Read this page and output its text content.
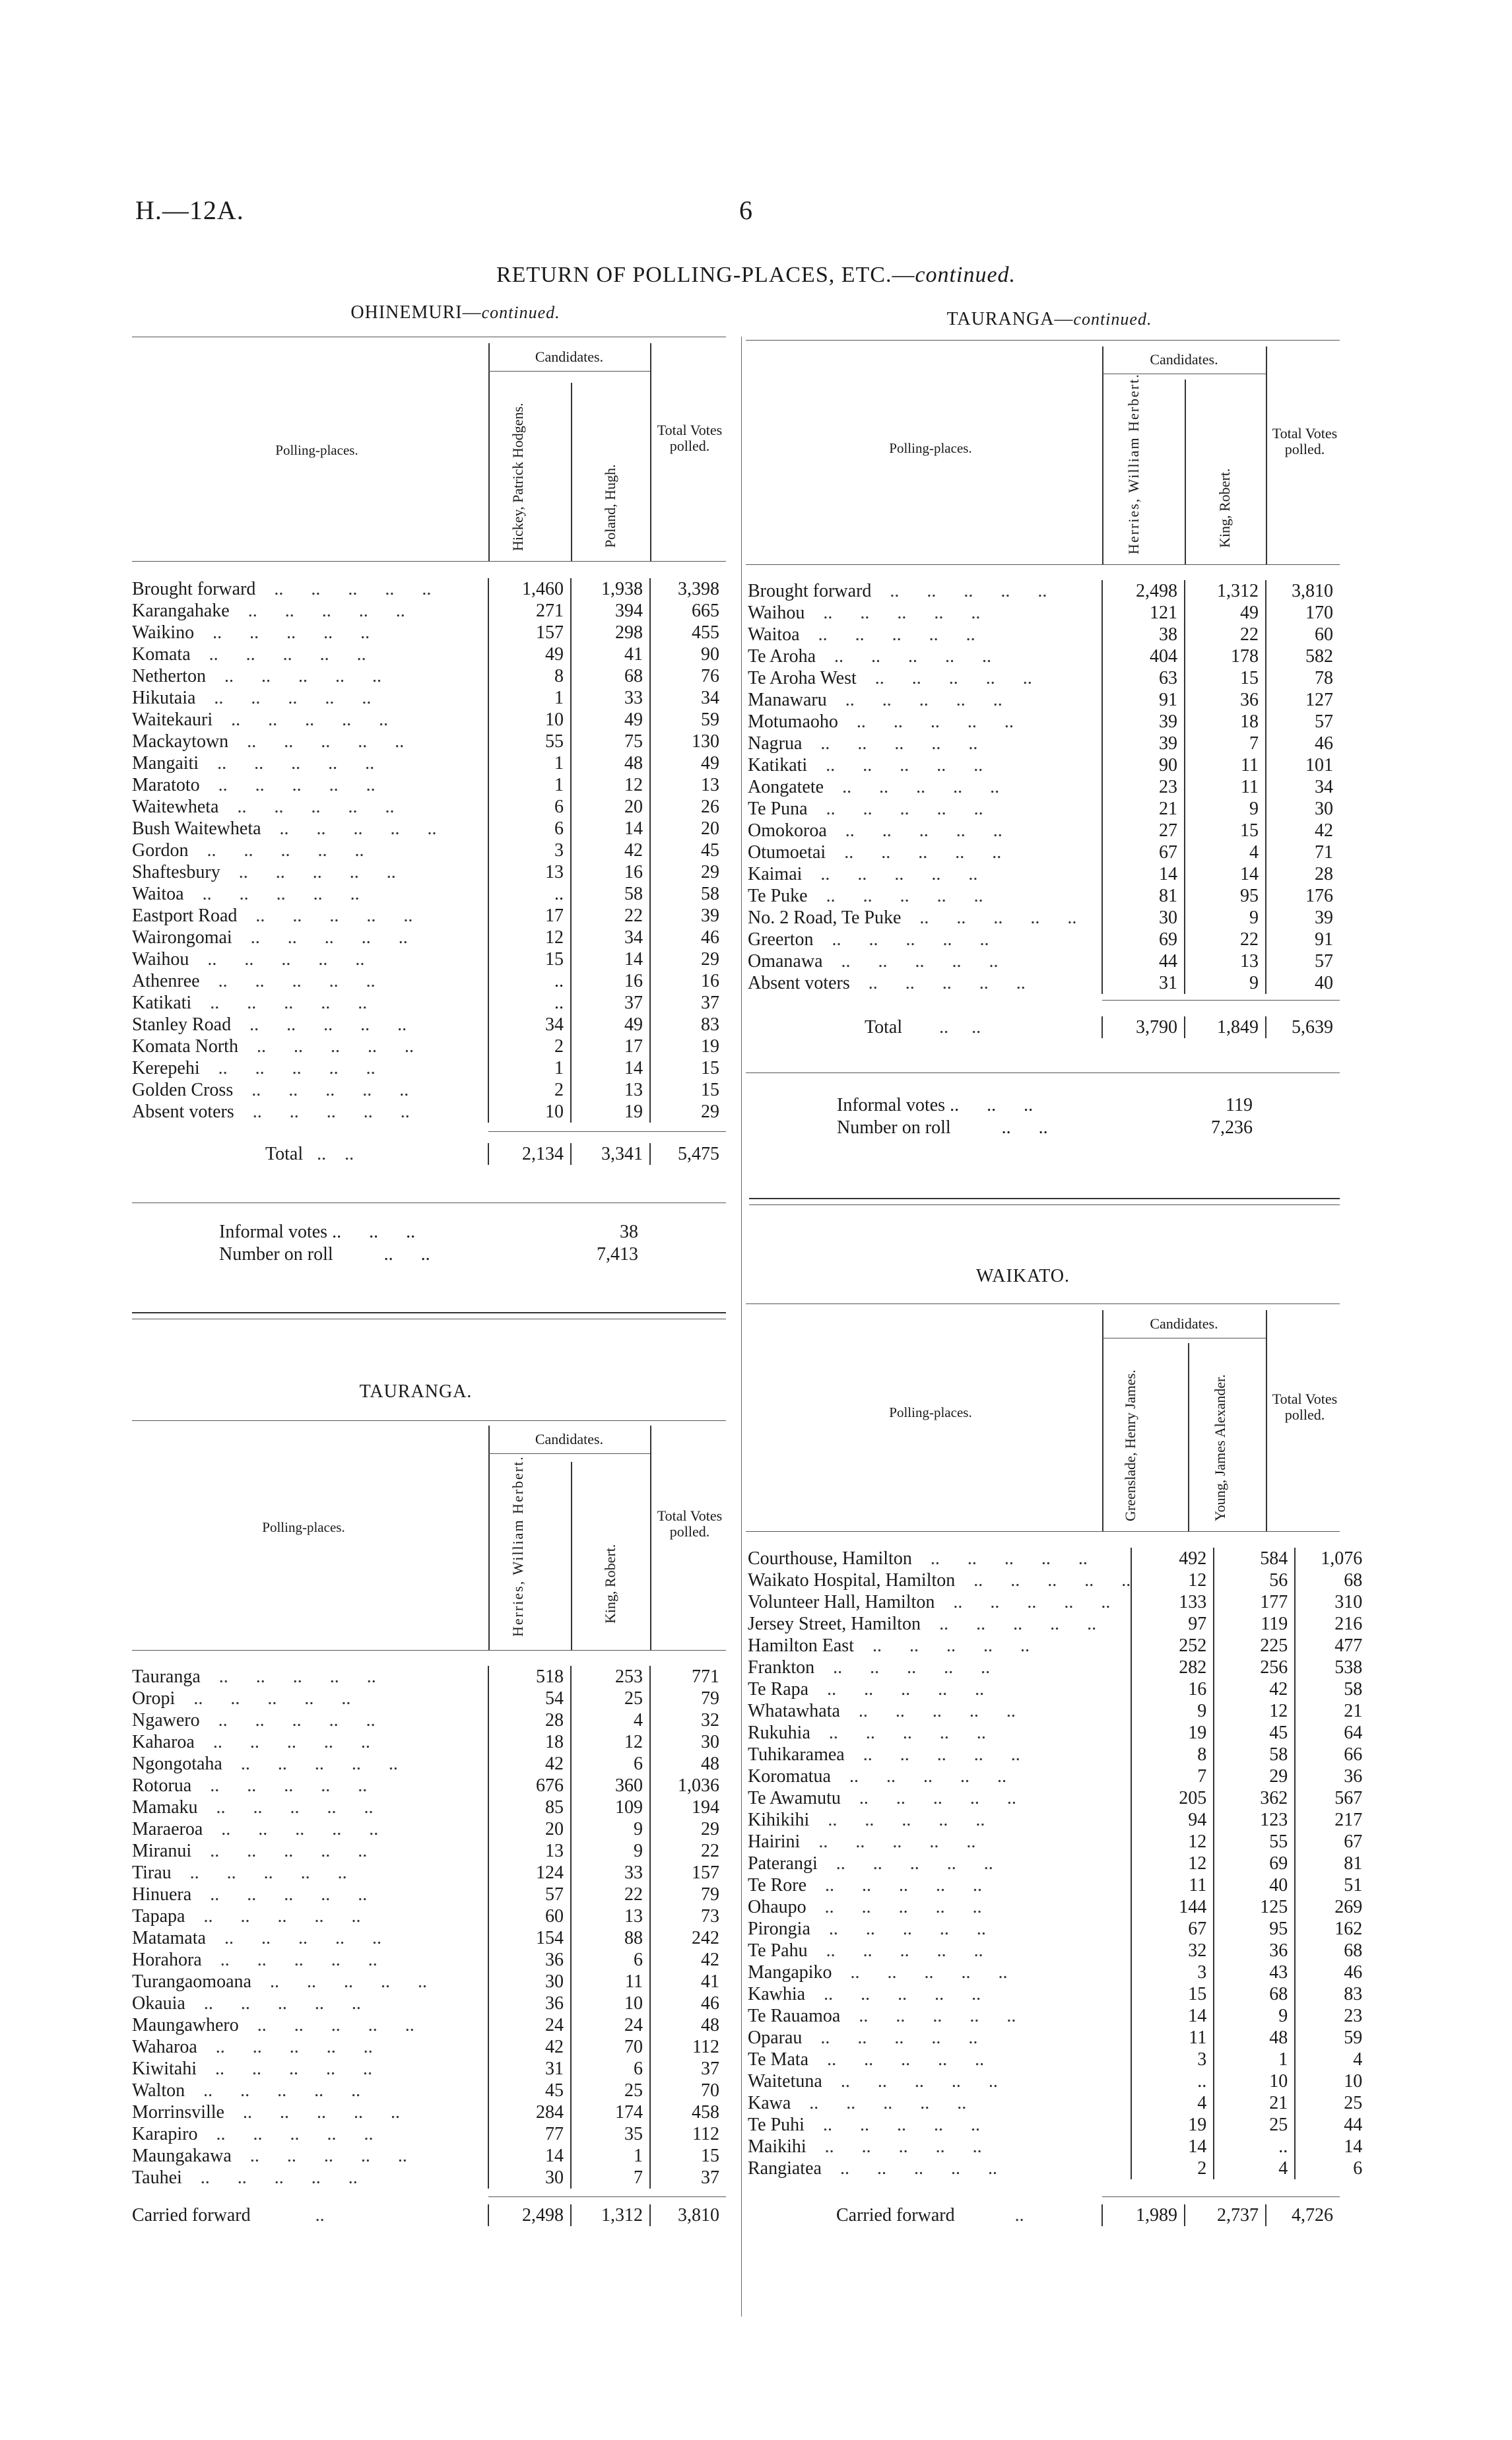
H.—12A.	6
RETURN OF POLLING-PLACES, ETC.—continued.
OHINEMURI—continued.
Candidates.
Polling-places.	Hickey, Patrick Hodgens.	Poland, Hugh.
Total Votes polled.
Brought forward    ..      ..      ..      ..      ..	1,460	1,938	3,398
Karangahake    ..      ..      ..      ..      ..	271	394	665
Waikino    ..      ..      ..      ..      ..	157	298	455
Komata    ..      ..      ..      ..      ..	49	41	90
Netherton    ..      ..      ..      ..      ..	8	68	76
Hikutaia    ..      ..      ..      ..      ..	1	33	34
Waitekauri    ..      ..      ..      ..      ..	10	49	59
Mackaytown    ..      ..      ..      ..      ..	55	75	130
Mangaiti    ..      ..      ..      ..      ..	1	48	49
Maratoto    ..      ..      ..      ..      ..	1	12	13
Waitewheta    ..      ..      ..      ..      ..	6	20	26
Bush Waitewheta    ..      ..      ..      ..      ..	6	14	20
Gordon    ..      ..      ..      ..      ..	3	42	45
Shaftesbury    ..      ..      ..      ..      ..	13	16	29
Waitoa    ..      ..      ..      ..      ..	..	58	58
Eastport Road    ..      ..      ..      ..      ..	17	22	39
Wairongomai    ..      ..      ..      ..      ..	12	34	46
Waihou    ..      ..      ..      ..      ..	15	14	29
Athenree    ..      ..      ..      ..      ..	..	16	16
Katikati    ..      ..      ..      ..      ..	..	37	37
Stanley Road    ..      ..      ..      ..      ..	34	49	83
Komata North    ..      ..      ..      ..      ..	2	17	19
Kerepehi    ..      ..      ..      ..      ..	1	14	15
Golden Cross    ..      ..      ..      ..      ..	2	13	15
Absent voters    ..      ..      ..      ..      ..	10	19	29
Total   ..    ..	2,134	3,341	5,475
Informal votes ..      ..      ..	38
Number on roll           ..      ..	7,413
TAURANGA.
Candidates.
Polling-places.	Herries, William Herbert.	King, Robert.
Total Votes polled.
Tauranga    ..      ..      ..      ..      ..	518	253	771
Oropi    ..      ..      ..      ..      ..	54	25	79
Ngawero    ..      ..      ..      ..      ..	28	4	32
Kaharoa    ..      ..      ..      ..      ..	18	12	30
Ngongotaha    ..      ..      ..      ..      ..	42	6	48
Rotorua    ..      ..      ..      ..      ..	676	360	1,036
Mamaku    ..      ..      ..      ..      ..	85	109	194
Maraeroa    ..      ..      ..      ..      ..	20	9	29
Miranui    ..      ..      ..      ..      ..	13	9	22
Tirau    ..      ..      ..      ..      ..	124	33	157
Hinuera    ..      ..      ..      ..      ..	57	22	79
Tapapa    ..      ..      ..      ..      ..	60	13	73
Matamata    ..      ..      ..      ..      ..	154	88	242
Horahora    ..      ..      ..      ..      ..	36	6	42
Turangaomoana    ..      ..      ..      ..      ..	30	11	41
Okauia    ..      ..      ..      ..      ..	36	10	46
Maungawhero    ..      ..      ..      ..      ..	24	24	48
Waharoa    ..      ..      ..      ..      ..	42	70	112
Kiwitahi    ..      ..      ..      ..      ..	31	6	37
Walton    ..      ..      ..      ..      ..	45	25	70
Morrinsville    ..      ..      ..      ..      ..	284	174	458
Karapiro    ..      ..      ..      ..      ..	77	35	112
Maungakawa    ..      ..      ..      ..      ..	14	1	15
Tauhei    ..      ..      ..      ..      ..	30	7	37
Carried forward              ..	2,498	1,312	3,810
TAURANGA—continued.
Candidates.
Polling-places.	Herries, William Herbert.	King, Robert.
Total Votes polled.
Brought forward    ..      ..      ..      ..      ..	2,498	1,312	3,810
Waihou    ..      ..      ..      ..      ..	121	49	170
Waitoa    ..      ..      ..      ..      ..	38	22	60
Te Aroha    ..      ..      ..      ..      ..	404	178	582
Te Aroha West    ..      ..      ..      ..      ..	63	15	78
Manawaru    ..      ..      ..      ..      ..	91	36	127
Motumaoho    ..      ..      ..      ..      ..	39	18	57
Nagrua    ..      ..      ..      ..      ..	39	7	46
Katikati    ..      ..      ..      ..      ..	90	11	101
Aongatete    ..      ..      ..      ..      ..	23	11	34
Te Puna    ..      ..      ..      ..      ..	21	9	30
Omokoroa    ..      ..      ..      ..      ..	27	15	42
Otumoetai    ..      ..      ..      ..      ..	67	4	71
Kaimai    ..      ..      ..      ..      ..	14	14	28
Te Puke    ..      ..      ..      ..      ..	81	95	176
No. 2 Road, Te Puke    ..      ..      ..      ..      ..	30	9	39
Greerton    ..      ..      ..      ..      ..	69	22	91
Omanawa    ..      ..      ..      ..      ..	44	13	57
Absent voters    ..      ..      ..      ..      ..	31	9	40
Total        ..     ..	3,790	1,849	5,639
Informal votes ..      ..      ..	119
Number on roll           ..      ..	7,236
WAIKATO.
Candidates.
Polling-places.	Greenslade, Henry James.	Young, James Alexander.	Total Votes polled.
Courthouse, Hamilton    ..      ..      ..      ..      ..	492	584	1,076
Waikato Hospital, Hamilton    ..      ..      ..      ..      ..	12	56	68
Volunteer Hall, Hamilton    ..      ..      ..      ..      ..	133	177	310
Jersey Street, Hamilton    ..      ..      ..      ..      ..	97	119	216
Hamilton East    ..      ..      ..      ..      ..	252	225	477
Frankton    ..      ..      ..      ..      ..	282	256	538
Te Rapa    ..      ..      ..      ..      ..	16	42	58
Whatawhata    ..      ..      ..      ..      ..	9	12	21
Rukuhia    ..      ..      ..      ..      ..	19	45	64
Tuhikaramea    ..      ..      ..      ..      ..	8	58	66
Koromatua    ..      ..      ..      ..      ..	7	29	36
Te Awamutu    ..      ..      ..      ..      ..	205	362	567
Kihikihi    ..      ..      ..      ..      ..	94	123	217
Hairini    ..      ..      ..      ..      ..	12	55	67
Paterangi    ..      ..      ..      ..      ..	12	69	81
Te Rore    ..      ..      ..      ..      ..	11	40	51
Ohaupo    ..      ..      ..      ..      ..	144	125	269
Pirongia    ..      ..      ..      ..      ..	67	95	162
Te Pahu    ..      ..      ..      ..      ..	32	36	68
Mangapiko    ..      ..      ..      ..      ..	3	43	46
Kawhia    ..      ..      ..      ..      ..	15	68	83
Te Rauamoa    ..      ..      ..      ..      ..	14	9	23
Oparau    ..      ..      ..      ..      ..	11	48	59
Te Mata    ..      ..      ..      ..      ..	3	1	4
Waitetuna    ..      ..      ..      ..      ..	..	10	10
Kawa    ..      ..      ..      ..      ..	4	21	25
Te Puhi    ..      ..      ..      ..      ..	19	25	44
Maikihi    ..      ..      ..      ..      ..	14	..	14
Rangiatea    ..      ..      ..      ..      ..	2	4	6
Carried forward             ..	1,989	2,737	4,726
